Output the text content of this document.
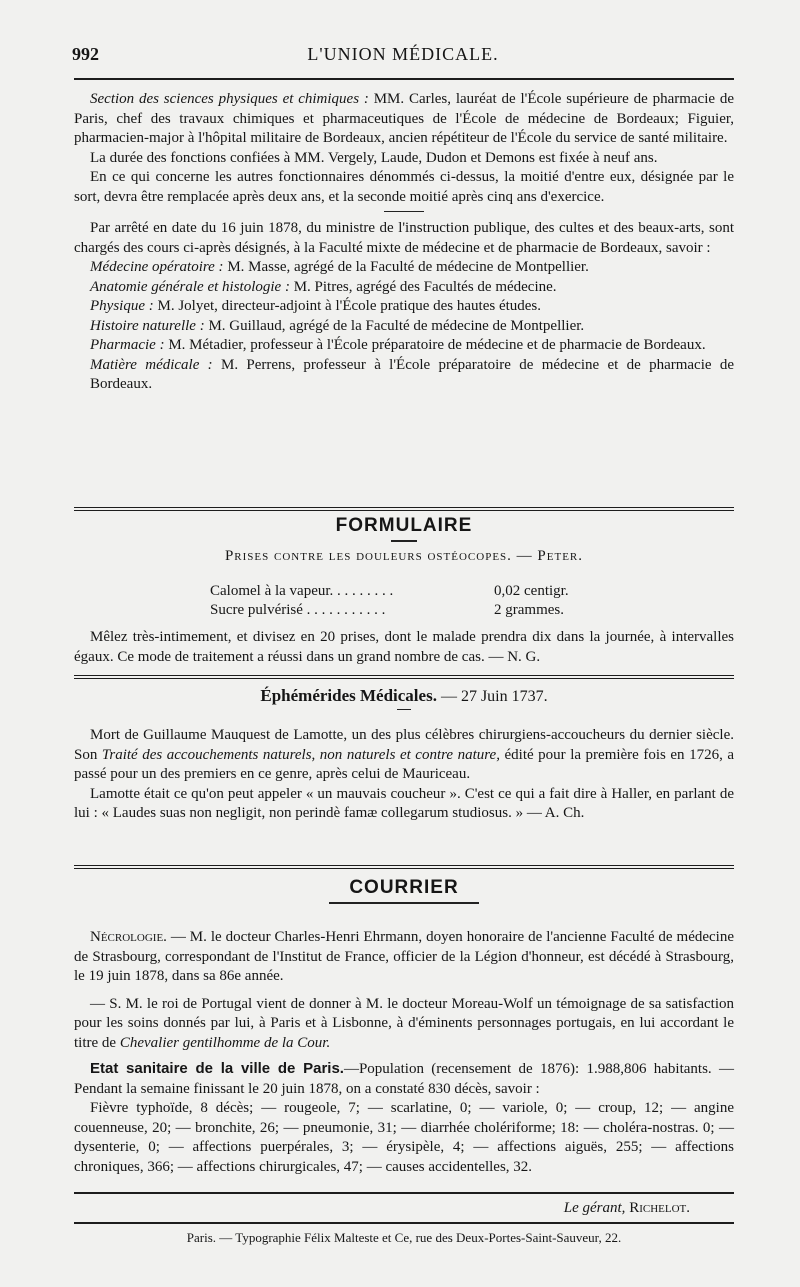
992	L'UNION MÉDICALE.

Section des sciences physiques et chimiques : MM. Carles, lauréat de l'École supérieure de pharmacie de Paris, chef des travaux chimiques et pharmaceutiques de l'École de médecine de Bordeaux; Figuier, pharmacien-major à l'hôpital militaire de Bordeaux, ancien répétiteur de l'École du service de santé militaire.

La durée des fonctions confiées à MM. Vergely, Laude, Dudon et Demons est fixée à neuf ans.

En ce qui concerne les autres fonctionnaires dénommés ci-dessus, la moitié d'entre eux, désignée par le sort, devra être remplacée après deux ans, et la seconde moitié après cinq ans d'exercice.

Par arrêté en date du 16 juin 1878, du ministre de l'instruction publique, des cultes et des beaux-arts, sont chargés des cours ci-après désignés, à la Faculté mixte de médecine et de pharmacie de Bordeaux, savoir :

Médecine opératoire : M. Masse, agrégé de la Faculté de médecine de Montpellier.

Anatomie générale et histologie : M. Pitres, agrégé des Facultés de médecine.

Physique : M. Jolyet, directeur-adjoint à l'École pratique des hautes études.

Histoire naturelle : M. Guillaud, agrégé de la Faculté de médecine de Montpellier.

Pharmacie : M. Métadier, professeur à l'École préparatoire de médecine et de pharmacie de Bordeaux.

Matière médicale : M. Perrens, professeur à l'École préparatoire de médecine et de pharmacie de Bordeaux.

FORMULAIRE
Prises contre les douleurs ostéocopes. — Peter.
Calomel à la vapeur. . . . . . . . .	0,02 centigr.
Sucre pulvérisé . . . . . . . . . . .	2 grammes.

Mêlez très-intimement, et divisez en 20 prises, dont le malade prendra dix dans la journée, à intervalles égaux. Ce mode de traitement a réussi dans un grand nombre de cas. — N. G.

Éphémérides Médicales. — 27 Juin 1737.

Mort de Guillaume Mauquest de Lamotte, un des plus célèbres chirurgiens-accoucheurs du dernier siècle. Son Traité des accouchements naturels, non naturels et contre nature, édité pour la première fois en 1726, a passé pour un des premiers en ce genre, après celui de Mauriceau.

Lamotte était ce qu'on peut appeler « un mauvais coucheur ». C'est ce qui a fait dire à Haller, en parlant de lui : « Laudes suas non negligit, non perindè famæ collegarum studiosus. » — A. Ch.

COURRIER

Nécrologie. — M. le docteur Charles-Henri Ehrmann, doyen honoraire de l'ancienne Faculté de médecine de Strasbourg, correspondant de l'Institut de France, officier de la Légion d'honneur, est décédé à Strasbourg, le 19 juin 1878, dans sa 86e année.

— S. M. le roi de Portugal vient de donner à M. le docteur Moreau-Wolf un témoignage de sa satisfaction pour les soins donnés par lui, à Paris et à Lisbonne, à d'éminents personnages portugais, en lui accordant le titre de Chevalier gentilhomme de la Cour.

Etat sanitaire de la ville de Paris.—Population (recensement de 1876): 1.988,806 habitants. — Pendant la semaine finissant le 20 juin 1878, on a constaté 830 décès, savoir :

Fièvre typhoïde, 8 décès; — rougeole, 7; — scarlatine, 0; — variole, 0; — croup, 12; — angine couenneuse, 20; — bronchite, 26; — pneumonie, 31; — diarrhée cholériforme; 18: — choléra-nostras. 0; — dysenterie, 0; — affections puerpérales, 3; — érysipèle, 4; — affections aiguës, 255; — affections chroniques, 366; — affections chirurgicales, 47; — causes accidentelles, 32.

Le gérant, Richelot.
Paris. — Typographie Félix Malteste et Ce, rue des Deux-Portes-Saint-Sauveur, 22.
